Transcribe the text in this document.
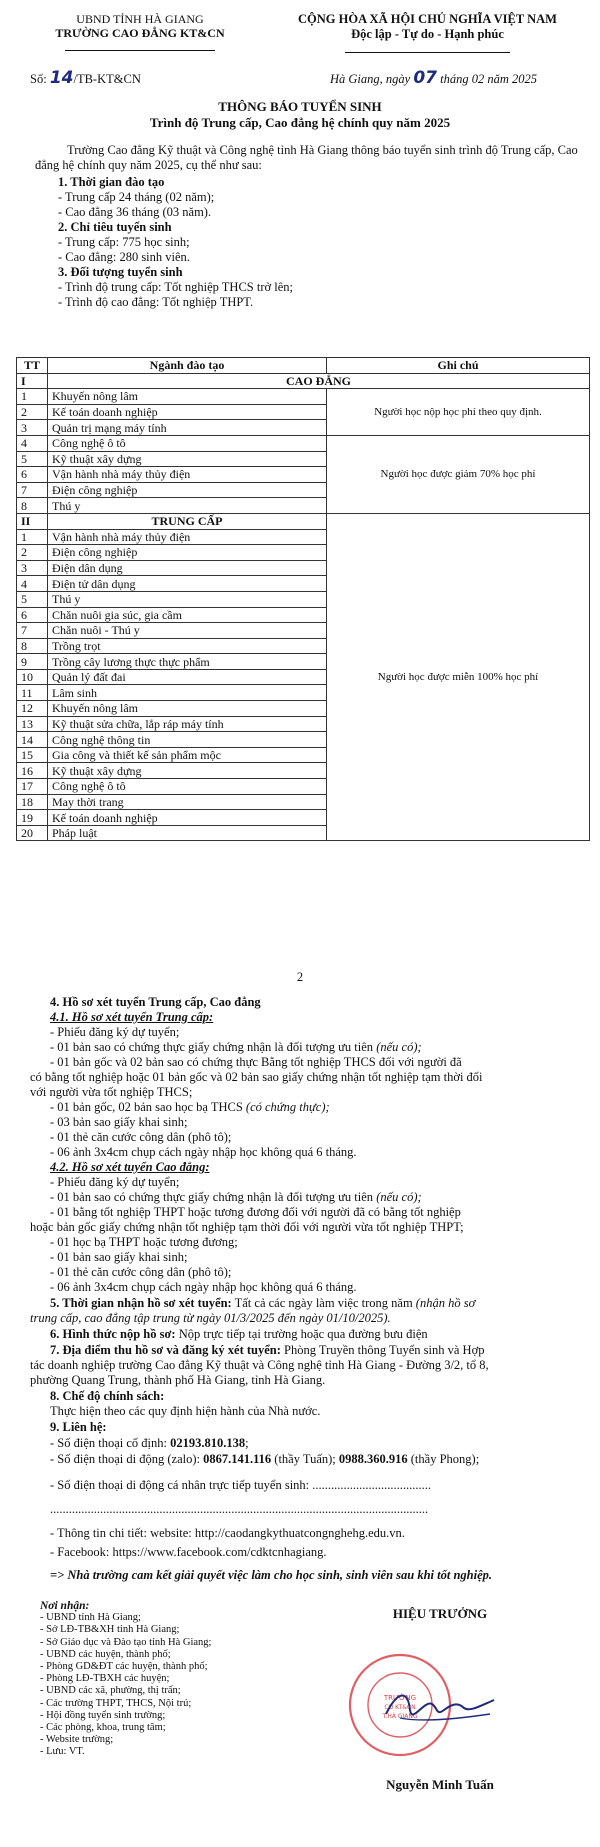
UBND TỈNH HÀ GIANG
TRƯỜNG CAO ĐẲNG KT&CN
CỘNG HÒA XÃ HỘI CHỦ NGHĨA VIỆT NAM
Độc lập - Tự do - Hạnh phúc
Số: 14/TB-KT&CN	Hà Giang, ngày 07 tháng 02 năm 2025
THÔNG BÁO TUYỂN SINH
Trình độ Trung cấp, Cao đẳng hệ chính quy năm 2025
Trường Cao đẳng Kỹ thuật và Công nghệ tỉnh Hà Giang thông báo tuyển sinh trình độ Trung cấp, Cao đẳng hệ chính quy năm 2025, cụ thể như sau:
1. Thời gian đào tạo
- Trung cấp 24 tháng (02 năm);
- Cao đẳng 36 tháng (03 năm).
2. Chỉ tiêu tuyển sinh
- Trung cấp: 775 học sinh;
- Cao đẳng: 280 sinh viên.
3. Đối tượng tuyển sinh
- Trình độ trung cấp: Tốt nghiệp THCS trở lên;
- Trình độ cao đẳng: Tốt nghiệp THPT.
TT	Ngành đào tạo	Ghi chú
I	CAO ĐẲNG	
1	Khuyến nông lâm	Người học nộp học phí theo quy định.
2	Kế toán doanh nghiệp	
3	Quản trị mạng máy tính	
4	Công nghệ ô tô	Người học được giảm 70% học phí
5	Kỹ thuật xây dựng	
6	Vận hành nhà máy thủy điện	
7	Điện công nghiệp	
8	Thú y	
II	TRUNG CẤP	Người học được miễn 100% học phí
1	Vận hành nhà máy thủy điện	
2	Điện công nghiệp	
3	Điện dân dụng	
4	Điện tử dân dụng	
5	Thú y	
6	Chăn nuôi gia súc, gia cầm	
7	Chăn nuôi - Thú y	
8	Trồng trọt	
9	Trồng cây lương thực thực phẩm	
10	Quản lý đất đai	
11	Lâm sinh	
12	Khuyến nông lâm	
13	Kỹ thuật sửa chữa, lắp ráp máy tính	
14	Công nghệ thông tin	
15	Gia công và thiết kế sản phẩm mộc	
16	Kỹ thuật xây dựng	
17	Công nghệ ô tô	
18	May thời trang	
19	Kế toán doanh nghiệp	
20	Pháp luật	
2
4. Hồ sơ xét tuyển Trung cấp, Cao đẳng
4.1. Hồ sơ xét tuyển Trung cấp:
- Phiếu đăng ký dự tuyển;
- 01 bản sao có chứng thực giấy chứng nhận là đối tượng ưu tiên (nếu có);
- 01 bản gốc và 02 bản sao có chứng thực Bằng tốt nghiệp THCS đối với người đã
có bằng tốt nghiệp hoặc 01 bản gốc và 02 bản sao giấy chứng nhận tốt nghiệp tạm thời đối
với người vừa tốt nghiệp THCS;
- 01 bản gốc, 02 bản sao học bạ THCS (có chứng thực);
- 03 bản sao giấy khai sinh;
- 01 thẻ căn cước công dân (phô tô);
- 06 ảnh 3x4cm chụp cách ngày nhập học không quá 6 tháng.
4.2. Hồ sơ xét tuyển Cao đẳng:
- Phiếu đăng ký dự tuyển;
- 01 bản sao có chứng thực giấy chứng nhận là đối tượng ưu tiên (nếu có);
- 01 bằng tốt nghiệp THPT hoặc tương đương đối với người đã có bằng tốt nghiệp
hoặc bản gốc giấy chứng nhận tốt nghiệp tạm thời đối với người vừa tốt nghiệp THPT;
- 01 học bạ THPT hoặc tương đương;
- 01 bản sao giấy khai sinh;
- 01 thẻ căn cước công dân (phô tô);
- 06 ảnh 3x4cm chụp cách ngày nhập học không quá 6 tháng.
5. Thời gian nhận hồ sơ xét tuyển: Tất cả các ngày làm việc trong năm (nhận hồ sơ
trung cấp, cao đẳng tập trung từ ngày 01/3/2025 đến ngày 01/10/2025).
6. Hình thức nộp hồ sơ: Nộp trực tiếp tại trường hoặc qua đường bưu điện
7. Địa điểm thu hồ sơ và đăng ký xét tuyển: Phòng Truyền thông Tuyển sinh và Hợp
tác doanh nghiệp trường Cao đẳng Kỹ thuật và Công nghệ tỉnh Hà Giang - Đường 3/2, tổ 8,
phường Quang Trung, thành phố Hà Giang, tỉnh Hà Giang.
8. Chế độ chính sách:
Thực hiện theo các quy định hiện hành của Nhà nước.
9. Liên hệ:
- Số điện thoại cố định: 02193.810.138;
- Số điện thoại di động (zalo): 0867.141.116 (thầy Tuấn); 0988.360.916 (thầy Phong);
- Số điện thoại di động cá nhân trực tiếp tuyển sinh: ......................................
.........................................................................................................................
- Thông tin chi tiết: website: http://caodangkythuatcongnghehg.edu.vn.
- Facebook: https://www.facebook.com/cdktcnhagiang.
=> Nhà trường cam kết giải quyết việc làm cho học sinh, sinh viên sau khi tốt nghiệp.
Nơi nhận:
- UBND tỉnh Hà Giang;
- Sở LĐ-TB&XH tỉnh Hà Giang;
- Sở Giáo dục và Đào tạo tỉnh Hà Giang;
- UBND các huyện, thành phố;
- Phòng GD&ĐT các huyện, thành phố;
- Phòng LĐ-TBXH các huyện;
- UBND các xã, phường, thị trấn;
- Các trường THPT, THCS, Nội trú;
- Hội đồng tuyển sinh trường;
- Các phòng, khoa, trung tâm;
- Website trường;
- Lưu: VT.
HIỆU TRƯỞNG
TRƯỜNG
CĐ KT&CN
T.HÀ GIANG
Nguyễn Minh Tuấn
